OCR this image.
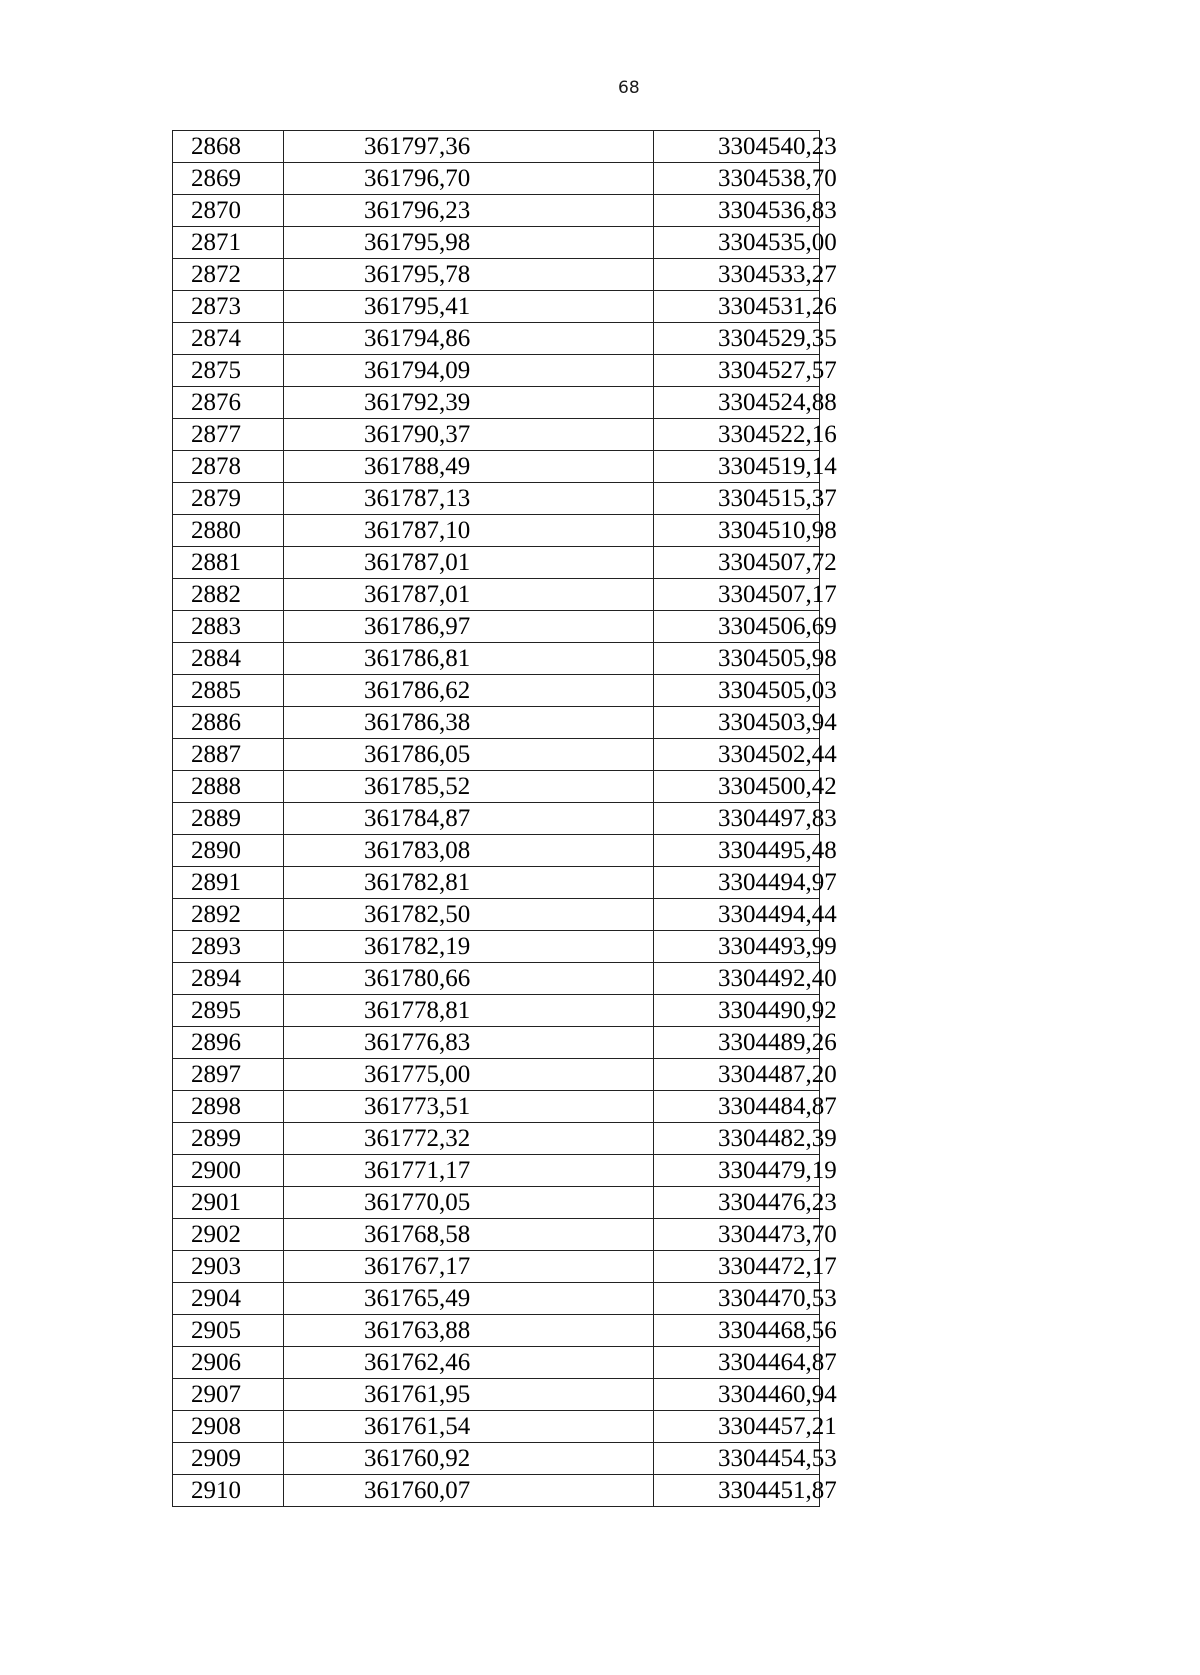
68
2868	361797,36	3304540,23
2869	361796,70	3304538,70
2870	361796,23	3304536,83
2871	361795,98	3304535,00
2872	361795,78	3304533,27
2873	361795,41	3304531,26
2874	361794,86	3304529,35
2875	361794,09	3304527,57
2876	361792,39	3304524,88
2877	361790,37	3304522,16
2878	361788,49	3304519,14
2879	361787,13	3304515,37
2880	361787,10	3304510,98
2881	361787,01	3304507,72
2882	361787,01	3304507,17
2883	361786,97	3304506,69
2884	361786,81	3304505,98
2885	361786,62	3304505,03
2886	361786,38	3304503,94
2887	361786,05	3304502,44
2888	361785,52	3304500,42
2889	361784,87	3304497,83
2890	361783,08	3304495,48
2891	361782,81	3304494,97
2892	361782,50	3304494,44
2893	361782,19	3304493,99
2894	361780,66	3304492,40
2895	361778,81	3304490,92
2896	361776,83	3304489,26
2897	361775,00	3304487,20
2898	361773,51	3304484,87
2899	361772,32	3304482,39
2900	361771,17	3304479,19
2901	361770,05	3304476,23
2902	361768,58	3304473,70
2903	361767,17	3304472,17
2904	361765,49	3304470,53
2905	361763,88	3304468,56
2906	361762,46	3304464,87
2907	361761,95	3304460,94
2908	361761,54	3304457,21
2909	361760,92	3304454,53
2910	361760,07	3304451,87
